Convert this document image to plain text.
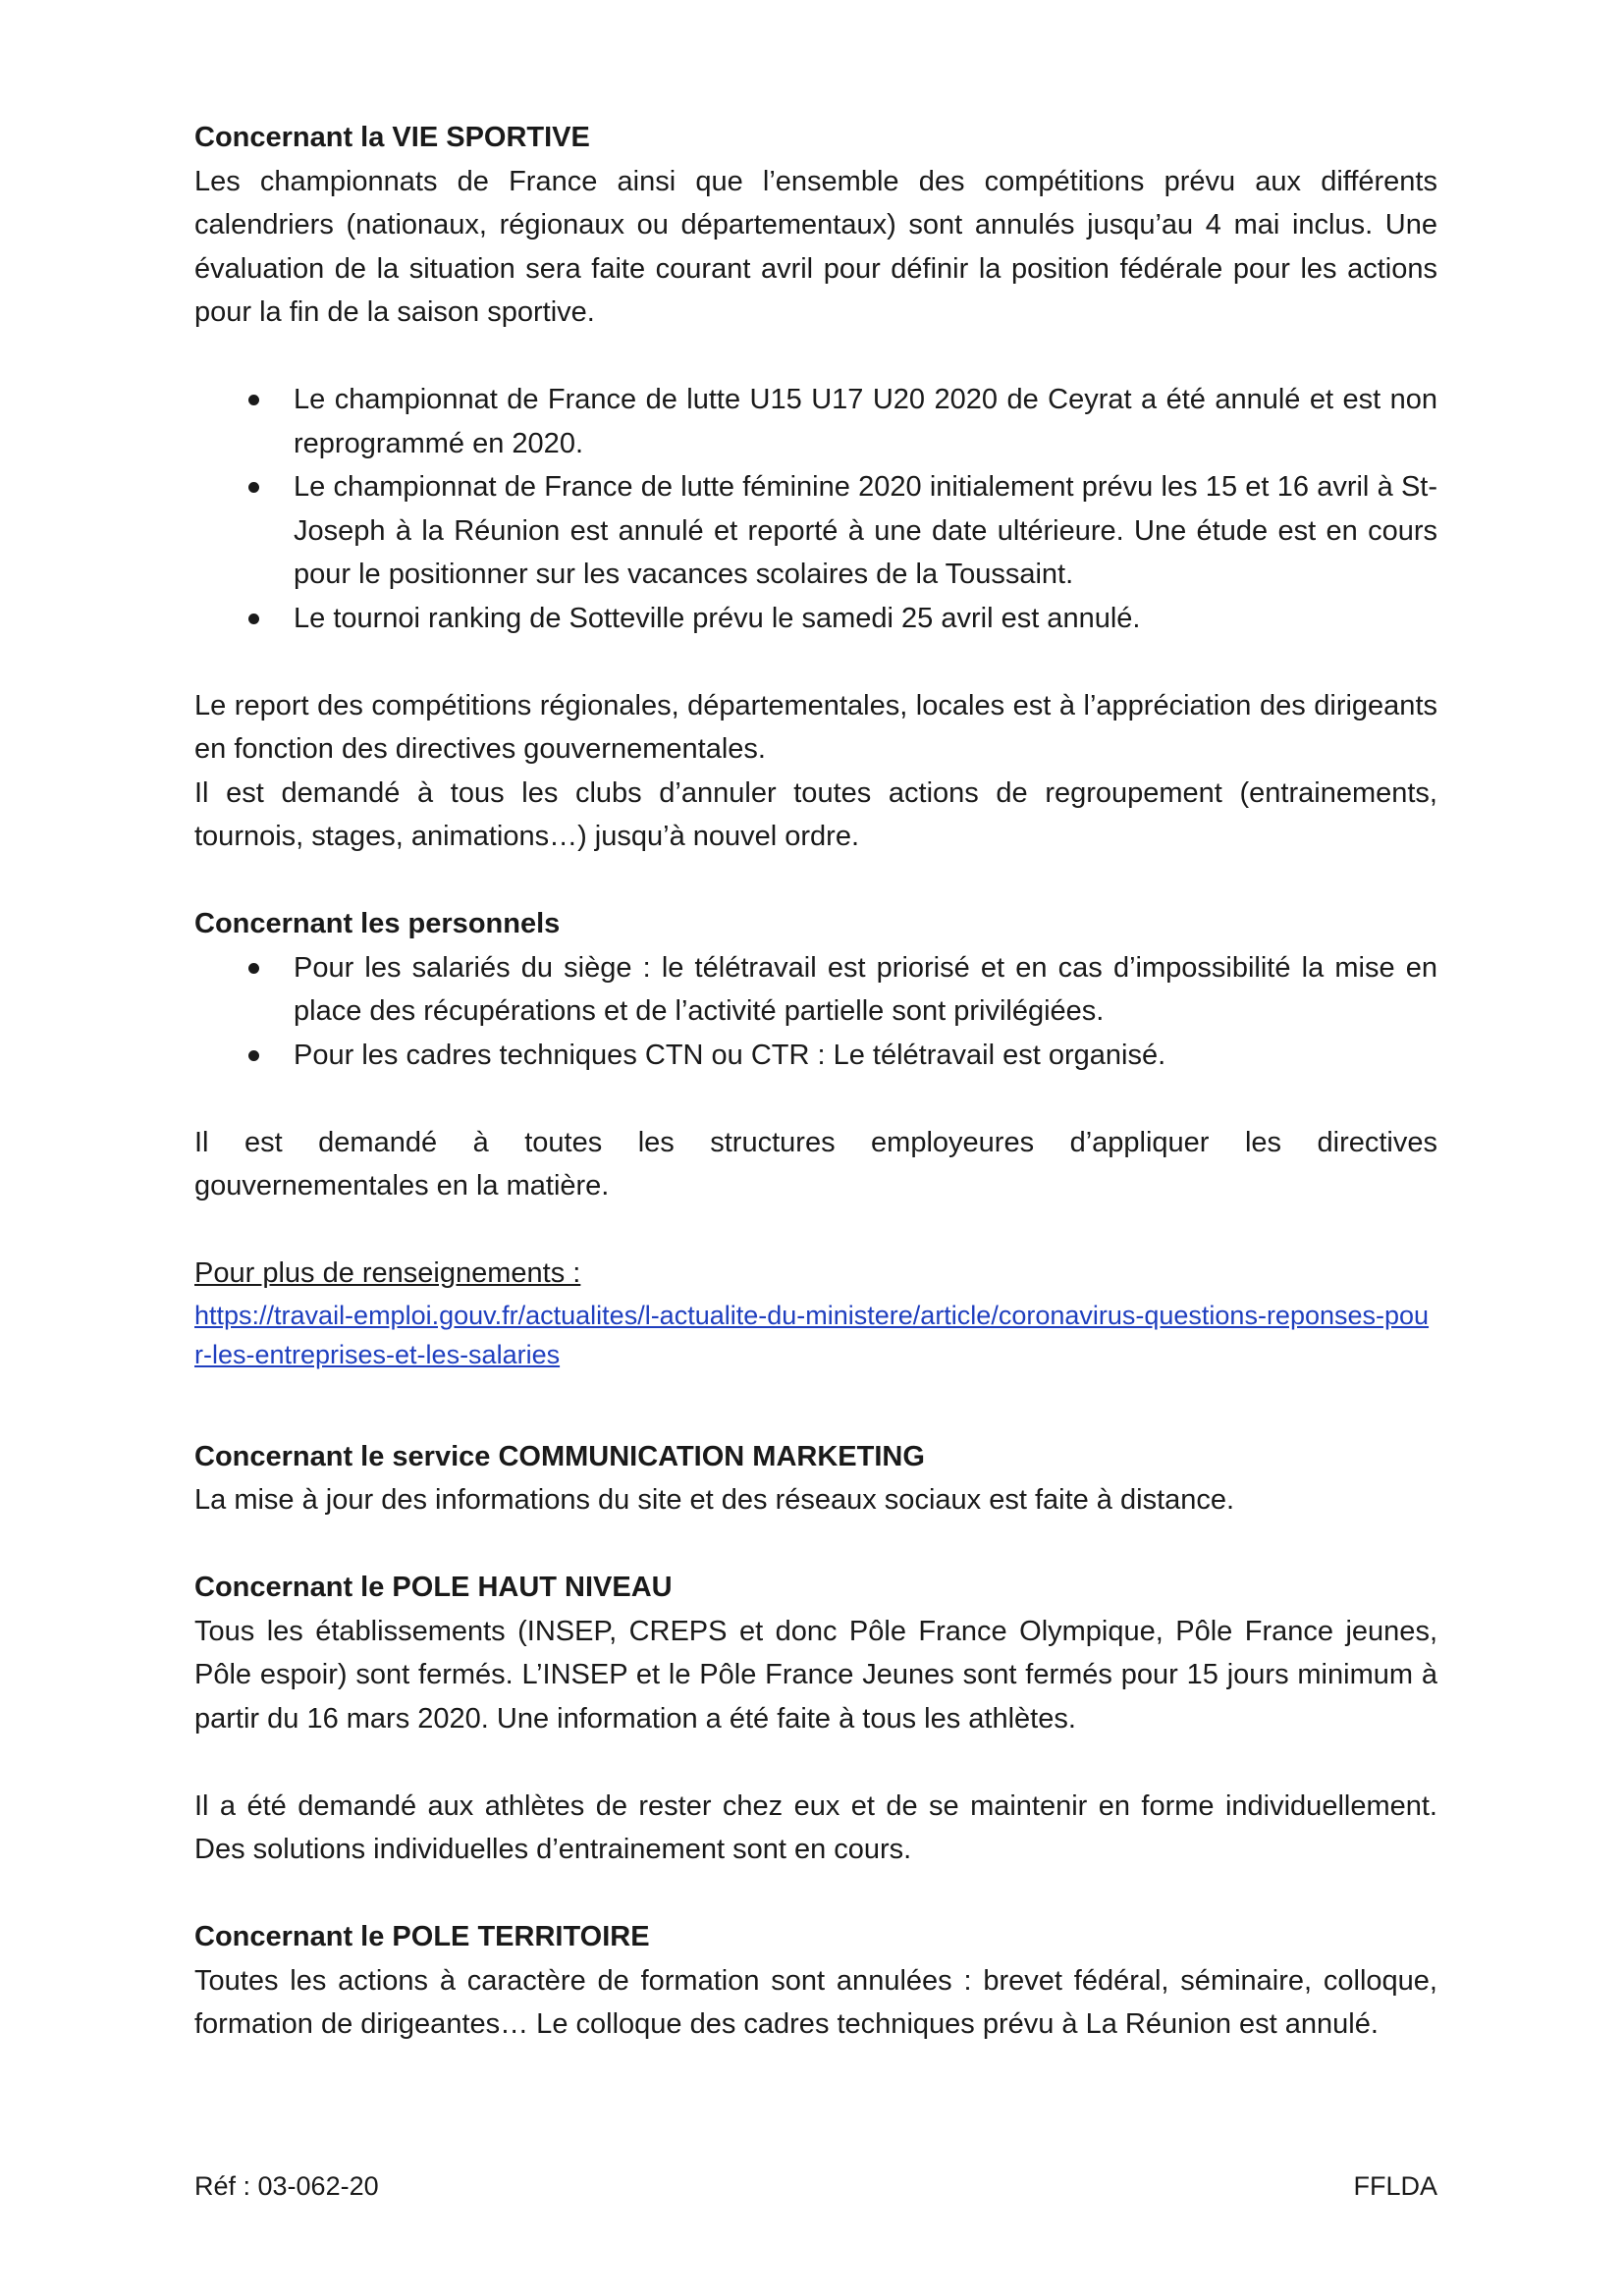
Concernant la VIE SPORTIVE

Les championnats de France ainsi que l’ensemble des compétitions prévu aux différents calendriers (nationaux, régionaux ou départementaux) sont annulés jusqu’au 4 mai inclus. Une évaluation de la situation sera faite courant avril pour définir la position fédérale pour les actions pour la fin de la saison sportive.

Le championnat de France de lutte U15 U17 U20 2020 de Ceyrat a été annulé et est non reprogrammé en 2020.
Le championnat de France de lutte féminine 2020 initialement prévu les 15 et 16 avril à St-Joseph à la Réunion est annulé et reporté à une date ultérieure. Une étude est en cours pour le positionner sur les vacances scolaires de la Toussaint.
Le tournoi ranking de Sotteville prévu le samedi 25 avril est annulé.

Le report des compétitions régionales, départementales, locales est à l’appréciation des dirigeants en fonction des directives gouvernementales.

Il est demandé à tous les clubs d’annuler toutes actions de regroupement (entrainements, tournois, stages, animations…) jusqu’à nouvel ordre.

Concernant les personnels

Pour les salariés du siège : le télétravail est priorisé et en cas d’impossibilité la mise en place des récupérations et de l’activité partielle sont privilégiées.
Pour les cadres techniques CTN ou CTR : Le télétravail est organisé.

Il est demandé à toutes les structures employeures d’appliquer les directives

gouvernementales en la matière.

Pour plus de renseignements :

https://travail-emploi.gouv.fr/actualites/l-actualite-du-ministere/article/coronavirus-questions-reponses-pour-les-entreprises-et-les-salaries

Concernant le service COMMUNICATION MARKETING

La mise à jour des informations du site et des réseaux sociaux est faite à distance.

Concernant le POLE HAUT NIVEAU

Tous les établissements (INSEP, CREPS et donc Pôle France Olympique, Pôle France jeunes, Pôle espoir) sont fermés. L’INSEP et le Pôle France Jeunes sont fermés pour 15 jours minimum à partir du 16 mars 2020. Une information a été faite à tous les athlètes.

Il a été demandé aux athlètes de rester chez eux et de se maintenir en forme individuellement. Des solutions individuelles d’entrainement sont en cours.

Concernant le POLE TERRITOIRE

Toutes les actions à caractère de formation sont annulées : brevet fédéral, séminaire, colloque, formation de dirigeantes… Le colloque des cadres techniques prévu à La Réunion est annulé.

Réf : 03-062-20	FFLDA
